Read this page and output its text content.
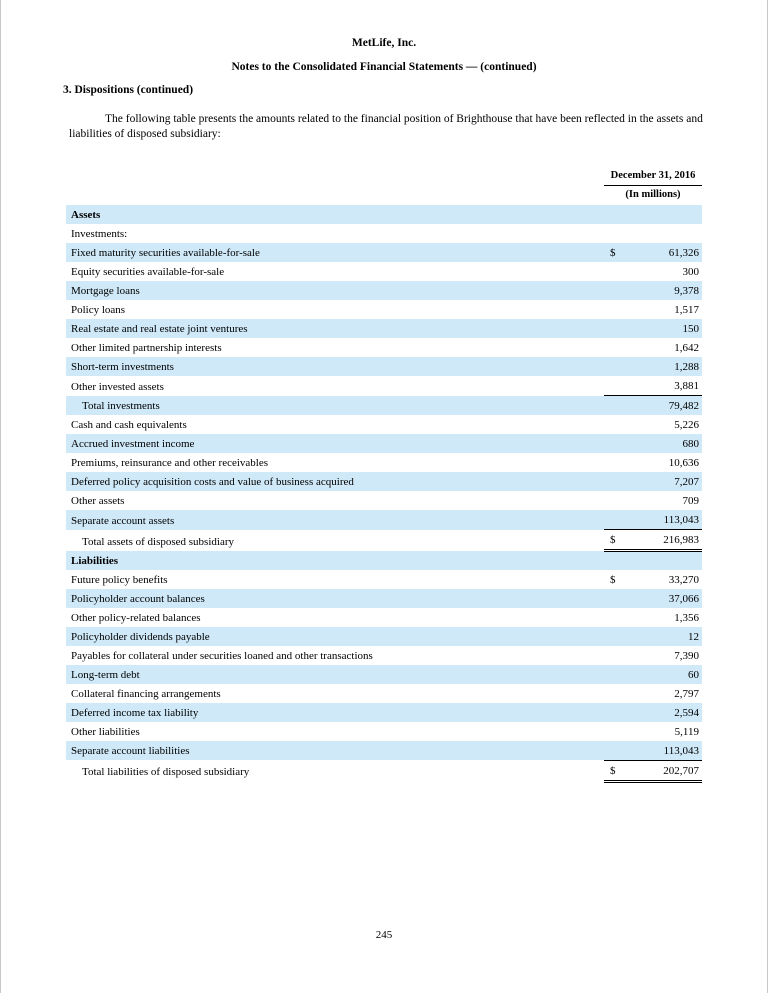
MetLife, Inc.
Notes to the Consolidated Financial Statements — (continued)
3. Dispositions (continued)

The following table presents the amounts related to the financial position of Brighthouse that have been reflected in the assets and liabilities of disposed subsidiary:

	December 31, 2016
	(In millions)
Assets	

Investments:	

Fixed maturity securities available-for-sale	$ 61,326
Equity securities available-for-sale	300
Mortgage loans	9,378
Policy loans	1,517
Real estate and real estate joint ventures	150
Other limited partnership interests	1,642
Short-term investments	1,288
Other invested assets	3,881
Total investments	79,482
Cash and cash equivalents	5,226
Accrued investment income	680
Premiums, reinsurance and other receivables	10,636
Deferred policy acquisition costs and value of business acquired	7,207
Other assets	709
Separate account assets	113,043
Total assets of disposed subsidiary	$ 216,983
Liabilities	

Future policy benefits	$ 33,270
Policyholder account balances	37,066
Other policy-related balances	1,356
Policyholder dividends payable	12
Payables for collateral under securities loaned and other transactions	7,390
Long-term debt	60
Collateral financing arrangements	2,797
Deferred income tax liability	2,594
Other liabilities	5,119
Separate account liabilities	113,043
Total liabilities of disposed subsidiary	$ 202,707
245
